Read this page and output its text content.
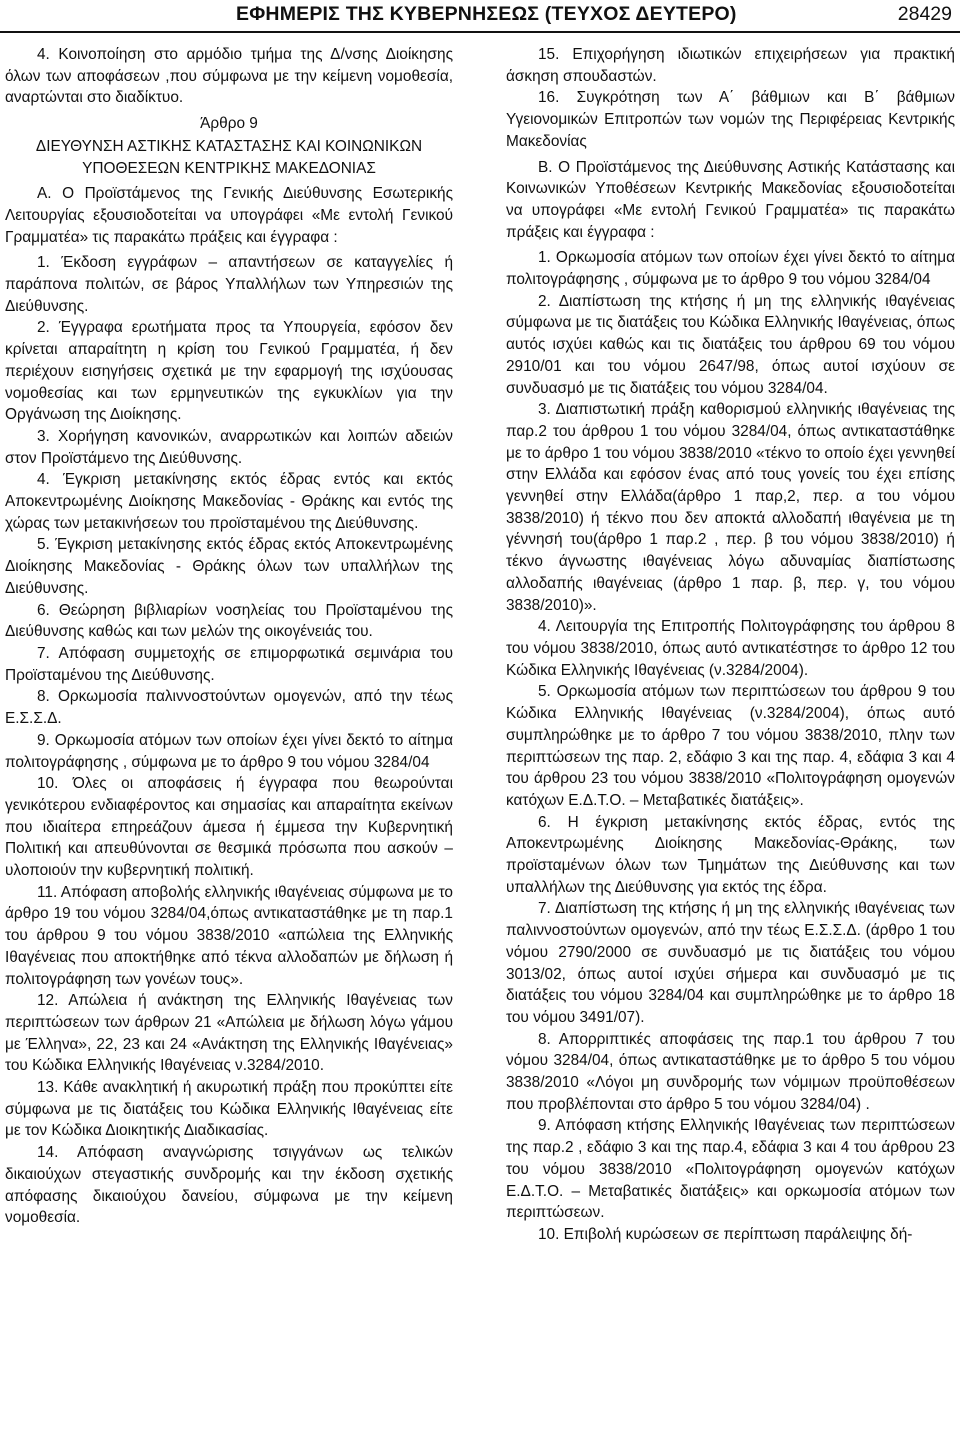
ΕΦΗΜΕΡΙΣ ΤΗΣ ΚΥΒΕΡΝΗΣΕΩΣ (ΤΕΥΧΟΣ ΔΕΥΤΕΡΟ)	28429

4. Κοινοποίηση στο αρμόδιο τμήμα της Δ/νσης Διοίκησης όλων των αποφάσεων ,που σύμφωνα με την κείμενη νομοθεσία, αναρτώνται στο διαδίκτυο.

Άρθρο 9

ΔΙΕΥΘΥΝΣΗ ΑΣΤΙΚΗΣ ΚΑΤΑΣΤΑΣΗΣ ΚΑΙ ΚΟΙΝΩΝΙΚΩΝ ΥΠΟΘΕΣΕΩΝ ΚΕΝΤΡΙΚΗΣ ΜΑΚΕΔΟΝΙΑΣ

Α. Ο Προϊστάμενος της Γενικής Διεύθυνσης Εσωτερικής Λειτουργίας εξουσιοδοτείται να υπογράφει «Με εντολή Γενικού Γραμματέα» τις παρακάτω πράξεις και έγγραφα :

1. Έκδοση εγγράφων – απαντήσεων σε καταγγελίες ή παράπονα πολιτών, σε βάρος Υπαλλήλων των Υπηρεσιών της Διεύθυνσης.

2. Έγγραφα ερωτήματα προς τα Υπουργεία, εφόσον δεν κρίνεται απαραίτητη η κρίση του Γενικού Γραμματέα, ή δεν περιέχουν εισηγήσεις σχετικά με την εφαρμογή της ισχύουσας νομοθεσίας και των ερμηνευτικών της εγκυκλίων για την Οργάνωση της Διοίκησης.

3. Χορήγηση κανονικών, αναρρωτικών και λοιπών αδειών στον Προϊστάμενο της Διεύθυνσης.

4. Έγκριση μετακίνησης εκτός έδρας εντός και εκτός Αποκεντρωμένης Διοίκησης Μακεδονίας - Θράκης και εντός της χώρας των μετακινήσεων του προϊσταμένου της Διεύθυνσης.

5. Έγκριση μετακίνησης εκτός έδρας εκτός Αποκεντρωμένης Διοίκησης Μακεδονίας - Θράκης όλων των υπαλλήλων της Διεύθυνσης.

6. Θεώρηση βιβλιαρίων νοσηλείας του Προϊσταμένου της Διεύθυνσης καθώς και των μελών της οικογένειάς του.

7. Απόφαση συμμετοχής σε επιμορφωτικά σεμινάρια του Προϊσταμένου της Διεύθυνσης.

8. Ορκωμοσία παλιννοστούντων ομογενών, από την τέως Ε.Σ.Σ.Δ.

9. Ορκωμοσία ατόμων των οποίων έχει γίνει δεκτό το αίτημα πολιτογράφησης , σύμφωνα με το άρθρο 9 του νόμου 3284/04

10. Όλες οι αποφάσεις ή έγγραφα που θεωρούνται γενικότερου ενδιαφέροντος και σημασίας και απαραίτητα εκείνων που ιδιαίτερα επηρεάζουν άμεσα ή έμμεσα την Κυβερνητική Πολιτική και απευθύνονται σε θεσμικά πρόσωπα που ασκούν – υλοποιούν την κυβερνητική πολιτική.

11. Απόφαση αποβολής ελληνικής ιθαγένειας σύμφωνα με το άρθρο 19 του νόμου 3284/04,όπως αντικαταστάθηκε με τη παρ.1 του άρθρου 9 του νόμου 3838/2010 «απώλεια της Ελληνικής Ιθαγένειας που αποκτήθηκε από τέκνα αλλοδαπών με δήλωση ή πολιτογράφηση των γονέων τους».

12. Απώλεια ή ανάκτηση της Ελληνικής Ιθαγένειας των περιπτώσεων των άρθρων 21 «Απώλεια με δήλωση λόγω γάμου με Έλληνα», 22, 23 και 24 «Ανάκτηση της Ελληνικής Ιθαγένειας» του Κώδικα Ελληνικής Ιθαγένειας ν.3284/2010.

13. Κάθε ανακλητική ή ακυρωτική πράξη που προκύπτει είτε σύμφωνα με τις διατάξεις του Κώδικα Ελληνικής Ιθαγένειας είτε με τον Κώδικα Διοικητικής Διαδικασίας.

14. Απόφαση αναγνώρισης τσιγγάνων ως τελικών δικαιούχων στεγαστικής συνδρομής και την έκδοση σχετικής απόφασης δικαιούχου δανείου, σύμφωνα με την κείμενη νομοθεσία.

15. Επιχορήγηση ιδιωτικών επιχειρήσεων για πρακτική άσκηση σπουδαστών.

16. Συγκρότηση των Α΄ βάθμιων και Β΄ βάθμιων Υγειονομικών Επιτροπών των νομών της Περιφέρειας Κεντρικής Μακεδονίας

Β. Ο Προϊστάμενος της Διεύθυνσης Αστικής Κατάστασης και Κοινωνικών Υποθέσεων Κεντρικής Μακεδονίας εξουσιοδοτείται να υπογράφει «Με εντολή Γενικού Γραμματέα» τις παρακάτω πράξεις και έγγραφα :

1. Ορκωμοσία ατόμων των οποίων έχει γίνει δεκτό το αίτημα πολιτογράφησης , σύμφωνα με το άρθρο 9 του νόμου 3284/04

2. Διαπίστωση της κτήσης ή μη της ελληνικής ιθαγένειας σύμφωνα με τις διατάξεις του Κώδικα Ελληνικής Ιθαγένειας, όπως αυτός ισχύει καθώς και τις διατάξεις του άρθρου 69 του νόμου 2910/01 και του νόμου 2647/98, όπως αυτοί ισχύουν σε συνδυασμό με τις διατάξεις του νόμου 3284/04.

3. Διαπιστωτική πράξη καθορισμού ελληνικής ιθαγένειας της παρ.2 του άρθρου 1 του νόμου 3284/04, όπως αντικαταστάθηκε με το άρθρο 1 του νόμου 3838/2010 «τέκνο το οποίο έχει γεννηθεί στην Ελλάδα και εφόσον ένας από τους γονείς του έχει επίσης γεννηθεί στην Ελλάδα(άρθρο 1 παρ,2, περ. α του νόμου 3838/2010) ή τέκνο που δεν αποκτά αλλοδαπή ιθαγένεια με τη γέννησή του(άρθρο 1 παρ.2 , περ. β του νόμου 3838/2010) ή τέκνο άγνωστης ιθαγένειας λόγω αδυναμίας διαπίστωσης αλλοδαπής ιθαγένειας (άρθρο 1 παρ. β, περ. γ, του νόμου 3838/2010)».

4. Λειτουργία της Επιτροπής Πολιτογράφησης του άρθρου 8 του νόμου 3838/2010, όπως αυτό αντικατέστησε το άρθρο 12 του Κώδικα Ελληνικής Ιθαγένειας (ν.3284/2004).

5. Ορκωμοσία ατόμων των περιπτώσεων του άρθρου 9 του Κώδικα Ελληνικής Ιθαγένειας (ν.3284/2004), όπως αυτό συμπληρώθηκε με το άρθρο 7 του νόμου 3838/2010, πλην των περιπτώσεων της παρ. 2, εδάφιο 3 και της παρ. 4, εδάφια 3 και 4 του άρθρου 23 του νόμου 3838/2010 «Πολιτογράφηση ομογενών κατόχων Ε.Δ.Τ.Ο. – Μεταβατικές διατάξεις».

6. Η έγκριση μετακίνησης εκτός έδρας, εντός της Αποκεντρωμένης Διοίκησης Μακεδονίας-Θράκης, των προϊσταμένων όλων των Τμημάτων της Διεύθυνσης και των υπαλλήλων της Διεύθυνσης για εκτός της έδρα.

7. Διαπίστωση της κτήσης ή μη της ελληνικής ιθαγένειας των παλιννοστούντων ομογενών, από την τέως Ε.Σ.Σ.Δ. (άρθρο 1 του νόμου 2790/2000 σε συνδυασμό με τις διατάξεις του νόμου 3013/02, όπως αυτοί ισχύει σήμερα και συνδυασμό με τις διατάξεις του νόμου 3284/04 και συμπληρώθηκε με το άρθρο 18 του νόμου 3491/07).

8. Απορριπτικές αποφάσεις της παρ.1 του άρθρου 7 του νόμου 3284/04, όπως αντικαταστάθηκε με το άρθρο 5 του νόμου 3838/2010 «Λόγοι μη συνδρομής των νόμιμων προϋποθέσεων που προβλέπονται στο άρθρο 5 του νόμου 3284/04) .

9. Απόφαση κτήσης Ελληνικής Ιθαγένειας των περιπτώσεων της παρ.2 , εδάφιο 3 και της παρ.4, εδάφια 3 και 4 του άρθρου 23 του νόμου 3838/2010 «Πολιτογράφηση ομογενών κατόχων Ε.Δ.Τ.Ο. – Μεταβατικές διατάξεις» και ορκωμοσία ατόμων των περιπτώσεων.

10. Επιβολή κυρώσεων σε περίπτωση παράλειψης δή-
